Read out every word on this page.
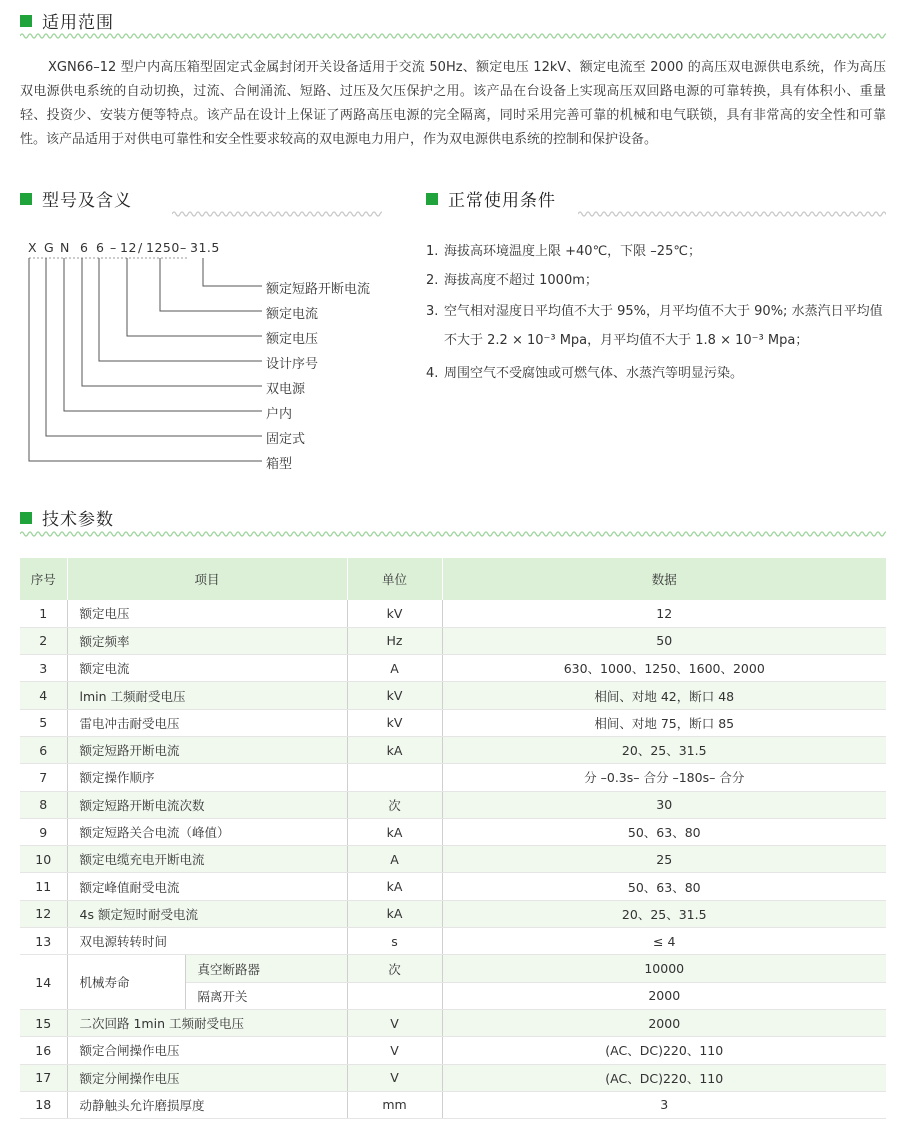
适用范围

XGN66–12 型户内高压箱型固定式金属封闭开关设备适用于交流 50Hz、额定电压 12kV、额定电流至 2000 的高压双电源供电系统，作为高压双电源供电系统的自动切换，过流、合闸涌流、短路、过压及欠压保护之用。该产品在台设备上实现高压双回路电源的可靠转换，具有体积小、重量轻、投资少、安装方便等特点。该产品在设计上保证了两路高压电源的完全隔离，同时采用完善可靠的机械和电气联锁，具有非常高的安全性和可靠性。该产品适用于对供电可靠性和安全性要求较高的双电源电力用户，作为双电源供电系统的控制和保护设备。

型号及含义	正常使用条件
X G N 6 6 – 12 / 1250 – 31.5
额定短路开断电流
额定电流
额定电压
设计序号
双电源
户内
固定式
箱型
1. 海拔高环境温度上限 +40℃，下限 –25℃；
2. 海拔高度不超过 1000m；
3. 空气相对湿度日平均值不大于 95%，月平均值不大于 90%; 水蒸汽日平均值不大于 2.2 × 10⁻³ Mpa，月平均值不大于 1.8 × 10⁻³ Mpa；
4. 周围空气不受腐蚀或可燃气体、水蒸汽等明显污染。
技术参数
序号	项目		单位	数据
1	额定电压		kV	12
2	额定频率		Hz	50
3	额定电流		A	630、1000、1250、1600、2000
4	lmin 工频耐受电压		kV	相间、对地 42，断口 48
5	雷电冲击耐受电压		kV	相间、对地 75，断口 85
6	额定短路开断电流		kA	20、25、31.5
7	额定操作顺序			分 –0.3s– 合分 –180s– 合分
8	额定短路开断电流次数		次	30
9	额定短路关合电流（峰值）		kA	50、63、80
10	额定电缆充电开断电流		A	25
11	额定峰值耐受电流		kA	50、63、80
12	4s 额定短时耐受电流		kA	20、25、31.5
13	双电源转转时间		s	≤ 4
14	机械寿命	真空断路器	次	10000
		隔离开关		2000
15	二次回路 1min 工频耐受电压		V	2000
16	额定合闸操作电压		V	(AC、DC)220、110
17	额定分闸操作电压		V	(AC、DC)220、110
18	动静触头允许磨损厚度		mm	3
